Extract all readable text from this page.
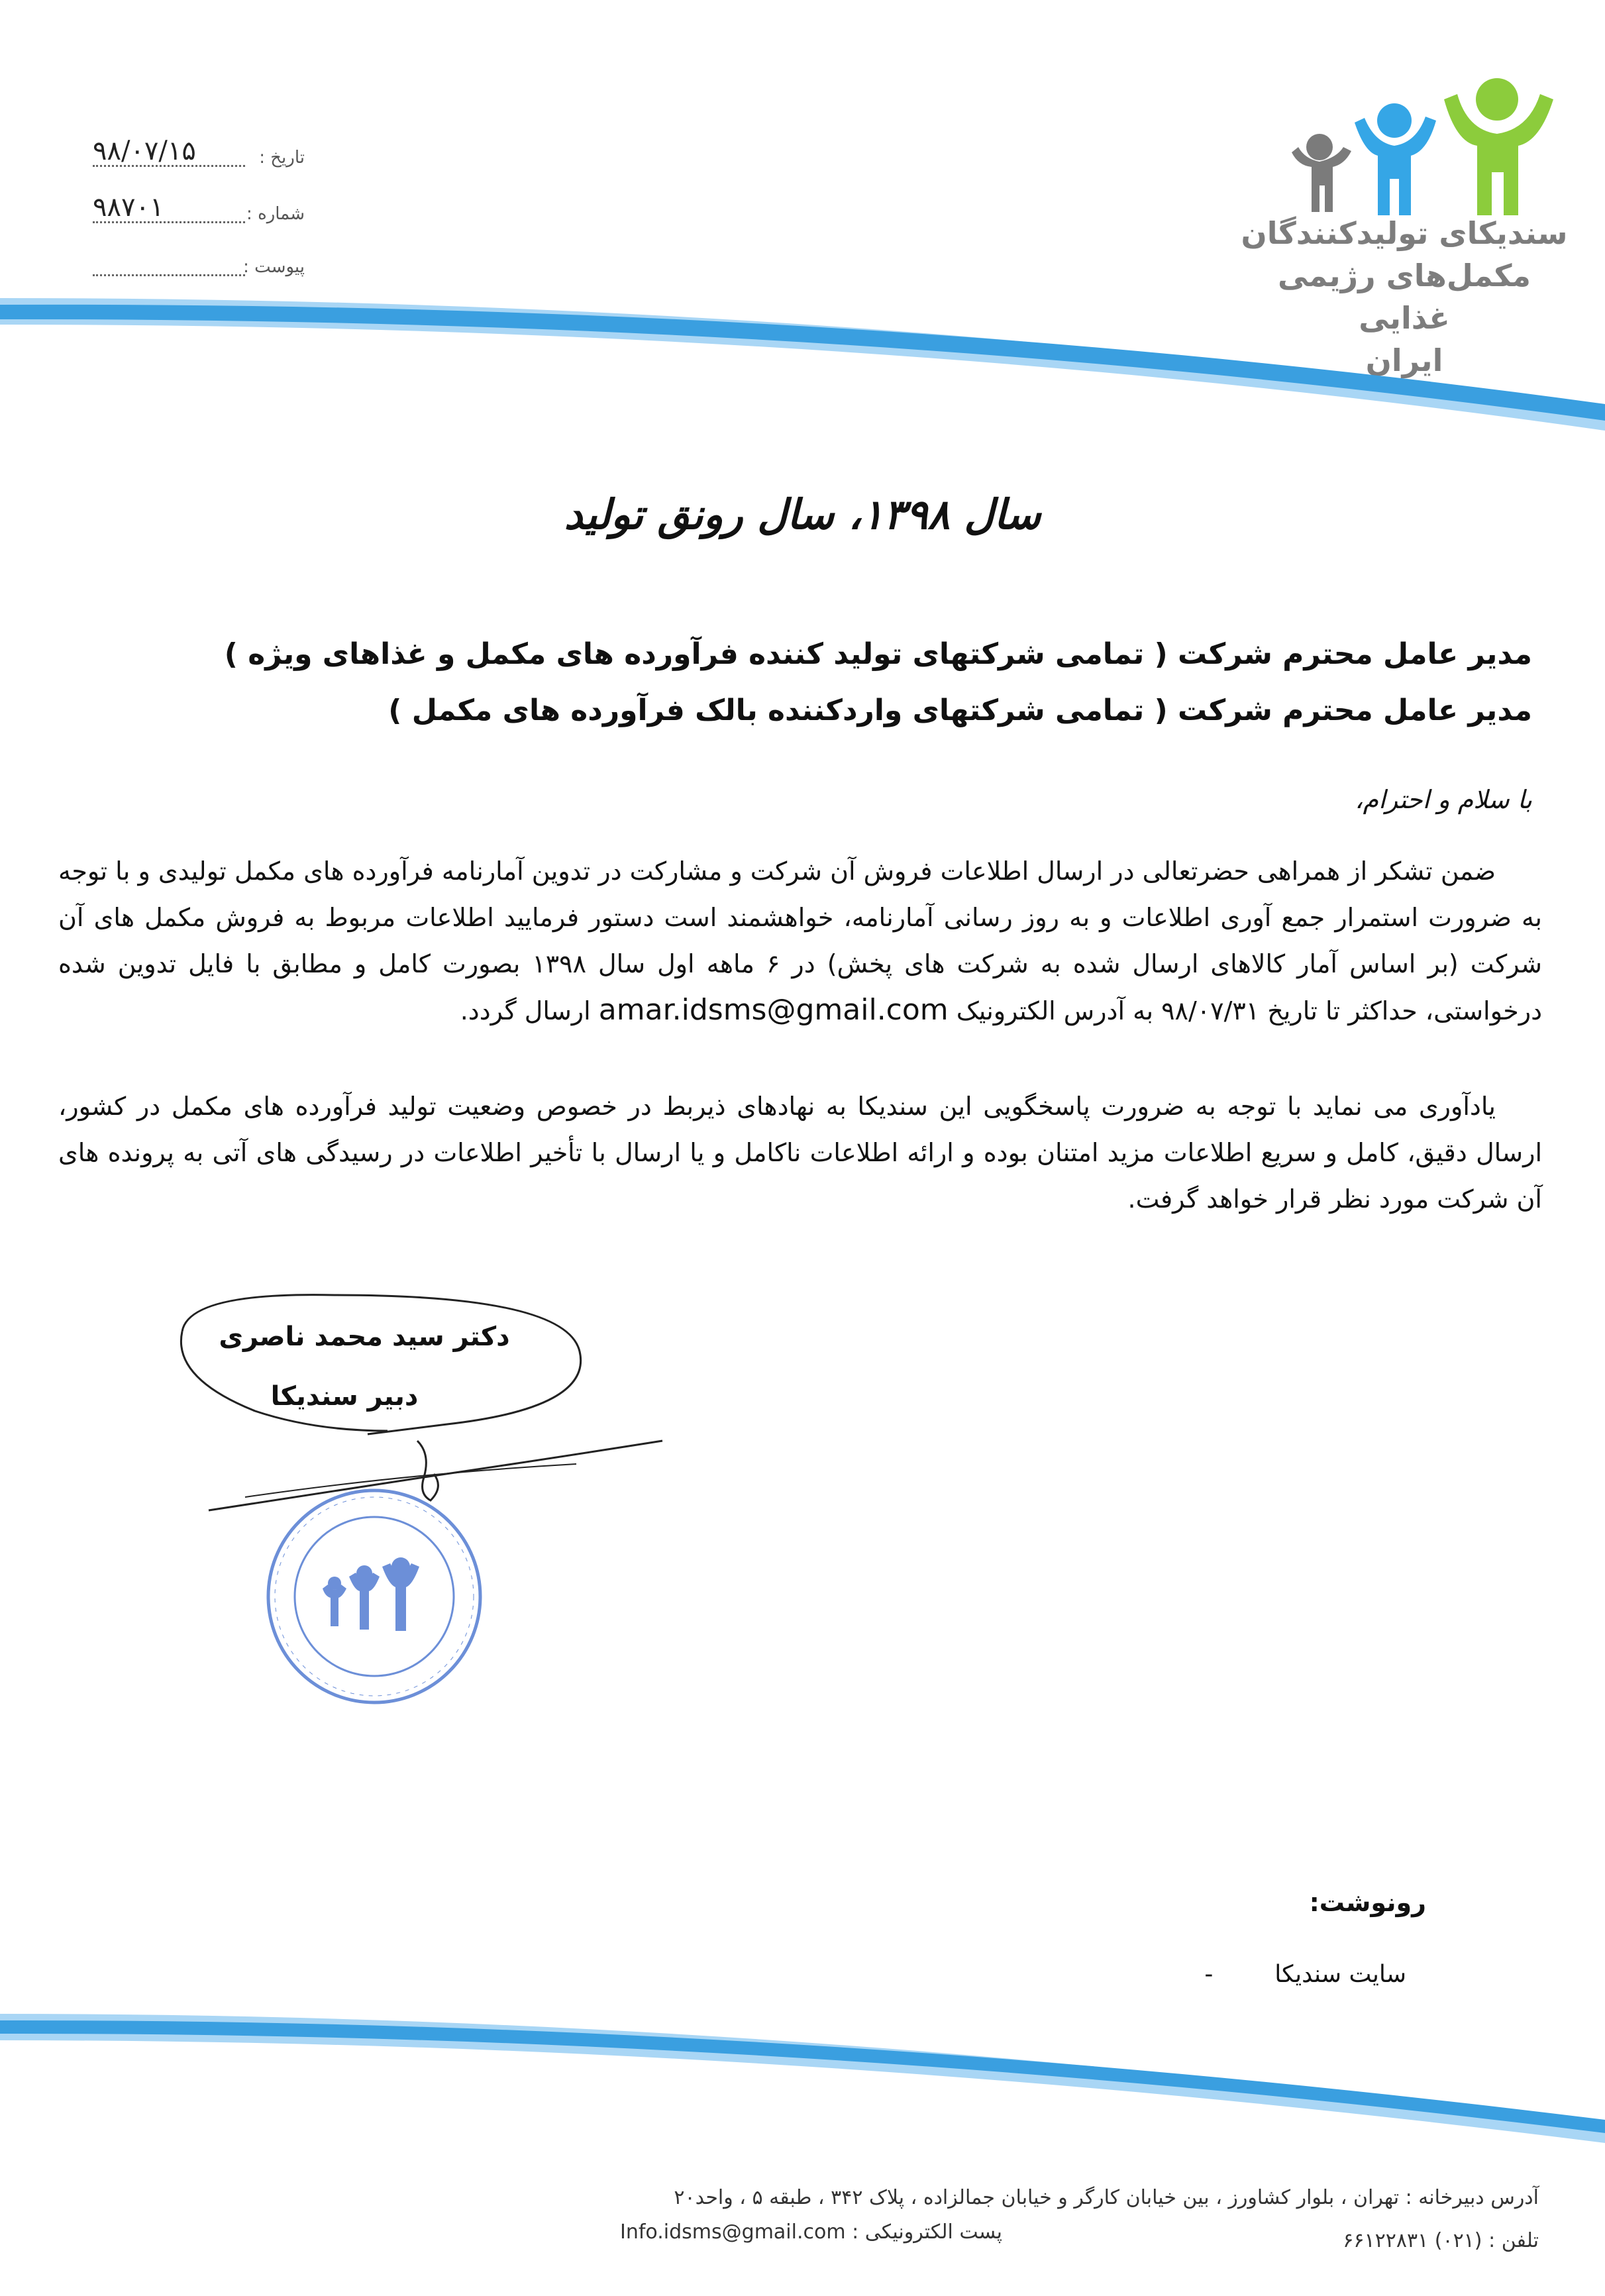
۹۸/۰۷/۱۵	تاریخ :
۹۸۷۰۱	شماره :
پیوست :
سندیکای تولیدکنندگان
مکمل‌های رژیمی غذایی
ایران
سال ۱۳۹۸، سال رونق تولید
مدیر عامل محترم شرکت ( تمامی شرکتهای تولید کننده فرآورده های مکمل و غذاهای ویژه )
مدیر عامل محترم شرکت ( تمامی شرکتهای واردکننده بالک فرآورده های مکمل )
با سلام و احترام،

ضمن تشکر از همراهی حضرتعالی در ارسال اطلاعات فروش آن شرکت و مشارکت در تدوین آمارنامه فرآورده های مکمل تولیدی و با توجه به ضرورت استمرار جمع آوری اطلاعات و به روز رسانی آمارنامه، خواهشمند است دستور فرمایید اطلاعات مربوط به فروش مکمل های آن شرکت (بر اساس آمار کالاهای ارسال شده به شرکت های پخش) در ۶ ماهه اول سال ۱۳۹۸ بصورت کامل و مطابق با فایل تدوین شده درخواستی، حداکثر تا تاریخ ۹۸/۰۷/۳۱ به آدرس الکترونیک amar.idsms@gmail.com ارسال گردد.

یادآوری می نماید با توجه به ضرورت پاسخگویی این سندیکا به نهادهای ذیربط در خصوص وضعیت تولید فرآورده های مکمل در کشور، ارسال دقیق، کامل و سریع اطلاعات مزید امتنان بوده و ارائه اطلاعات ناکامل و یا ارسال با تأخیر اطلاعات در رسیدگی های آتی به پرونده های آن شرکت مورد نظر قرار خواهد گرفت.

دکتر سید محمد ناصری
دبیر سندیکا
رونوشت:
سایت سندیکا  -
آدرس دبیرخانه : تهران ، بلوار کشاورز ، بین خیابان کارگر و خیابان جمالزاده ، پلاک ۳۴۲ ، طبقه ۵ ، واحد۲۰
تلفن : (۰۲۱) ۶۶۱۲۲۸۳۱
پست الکترونیکی : Info.idsms@gmail.com
